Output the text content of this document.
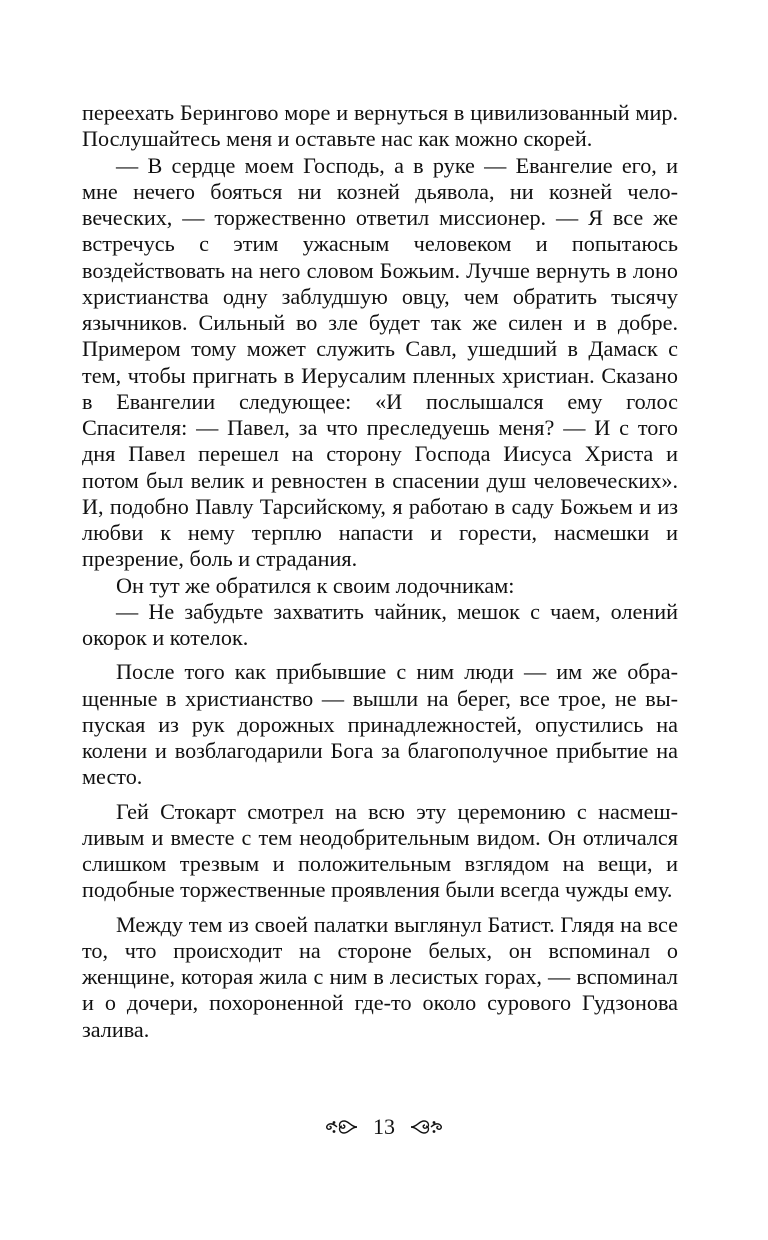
переехать Берингово море и вернуться в цивилизованный мир. Послушайтесь меня и оставьте нас как можно скорей.

— В сердце моем Господь, а в руке — Евангелие его, и мне нечего бояться ни козней дьявола, ни козней человеческих, — торжественно ответил миссионер. — Я все же встречусь с этим ужасным человеком и попытаюсь воздействовать на него словом Божьим. Лучше вернуть в лоно христианства одну заблудшую овцу, чем обратить тысячу язычников. Сильный во зле будет так же силен и в добре. Примером тому может служить Савл, ушедший в Дамаск с тем, чтобы пригнать в Иерусалим пленных христиан. Сказано в Евангелии следующее: «И послышался ему голос Спасителя: — Павел, за что преследуешь меня? — И с того дня Павел перешел на сторону Господа Иисуса Христа и потом был велик и ревностен в спасении душ человеческих». И, подобно Павлу Тарсийскому, я работаю в саду Божьем и из любви к нему терплю напасти и горести, насмешки и презрение, боль и страдания.

Он тут же обратился к своим лодочникам:

— Не забудьте захватить чайник, мешок с чаем, олений окорок и котелок.

После того как прибывшие с ним люди — им же обращенные в христианство — вышли на берег, все трое, не выпуская из рук дорожных принадлежностей, опустились на колени и возблагодарили Бога за благополучное прибытие на место.

Гей Стокарт смотрел на всю эту церемонию с насмешливым и вместе с тем неодобрительным видом. Он отличался слишком трезвым и положительным взглядом на вещи, и подобные торжественные проявления были всегда чужды ему.

Между тем из своей палатки выглянул Батист. Глядя на все то, что происходит на стороне белых, он вспоминал о женщине, которая жила с ним в лесистых горах, — вспоминал и о дочери, похороненной где-то около сурового Гудзонова залива.

13
